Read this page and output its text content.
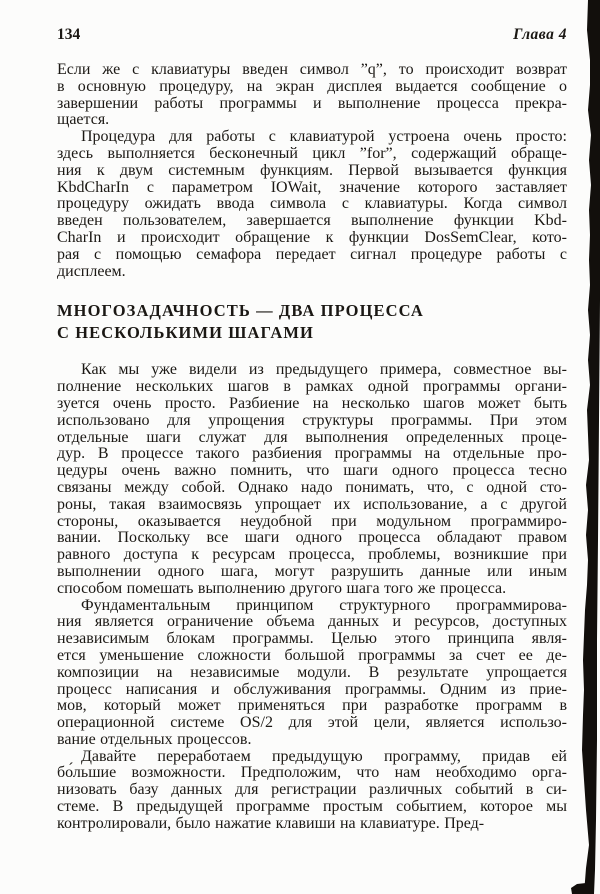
134	Глава 4
Если же с клавиатуры введен символ ”q”, то происходит возврат
в основную процедуру, на экран дисплея выдается сообщение о
завершении работы программы и выполнение процесса прекра-
щается.
Процедура для работы с клавиатурой устроена очень просто:
здесь выполняется бесконечный цикл ”for”, содержащий обраще-
ния к двум системным функциям. Первой вызывается функция
KbdCharIn с параметром IOWait, значение которого заставляет
процедуру ожидать ввода символа с клавиатуры. Когда символ
введен пользователем, завершается выполнение функции Kbd-
CharIn и происходит обращение к функции DosSemClear, кото-
рая с помощью семафора передает сигнал процедуре работы с
дисплеем.
МНОГОЗАДАЧНОСТЬ — ДВА ПРОЦЕССА
С НЕСКОЛЬКИМИ ШАГАМИ
Как мы уже видели из предыдущего примера, совместное вы-
полнение нескольких шагов в рамках одной программы органи-
зуется очень просто. Разбиение на несколько шагов может быть
использовано для упрощения структуры программы. При этом
отдельные шаги служат для выполнения определенных проце-
дур. В процессе такого разбиения программы на отдельные про-
цедуры очень важно помнить, что шаги одного процесса тесно
связаны между собой. Однако надо понимать, что, с одной сто-
роны, такая взаимосвязь упрощает их использование, а с другой
стороны, оказывается неудобной при модульном программиро-
вании. Поскольку все шаги одного процесса обладают правом
равного доступа к ресурсам процесса, проблемы, возникшие при
выполнении одного шага, могут разрушить данные или иным
способом помешать выполнению другого шага того же процесса.
Фундаментальным принципом структурного программирова-
ния является ограничение объема данных и ресурсов, доступных
независимым блокам программы. Целью этого принципа явля-
ется уменьшение сложности большой программы за счет ее де-
композиции на независимые модули. В результате упрощается
процесс написания и обслуживания программы. Одним из прие-
мов, который может применяться при разработке программ в
операционной системе OS/2 для этой цели, является использо-
вание отдельных процессов.
Давайте переработаем предыдущую программу, придав ей
бо́льшие возможности. Предположим, что нам необходимо орга-
низовать базу данных для регистрации различных событий в си-
стеме. В предыдущей программе простым событием, которое мы
контролировали, было нажатие клавиши на клавиатуре. Пред-
